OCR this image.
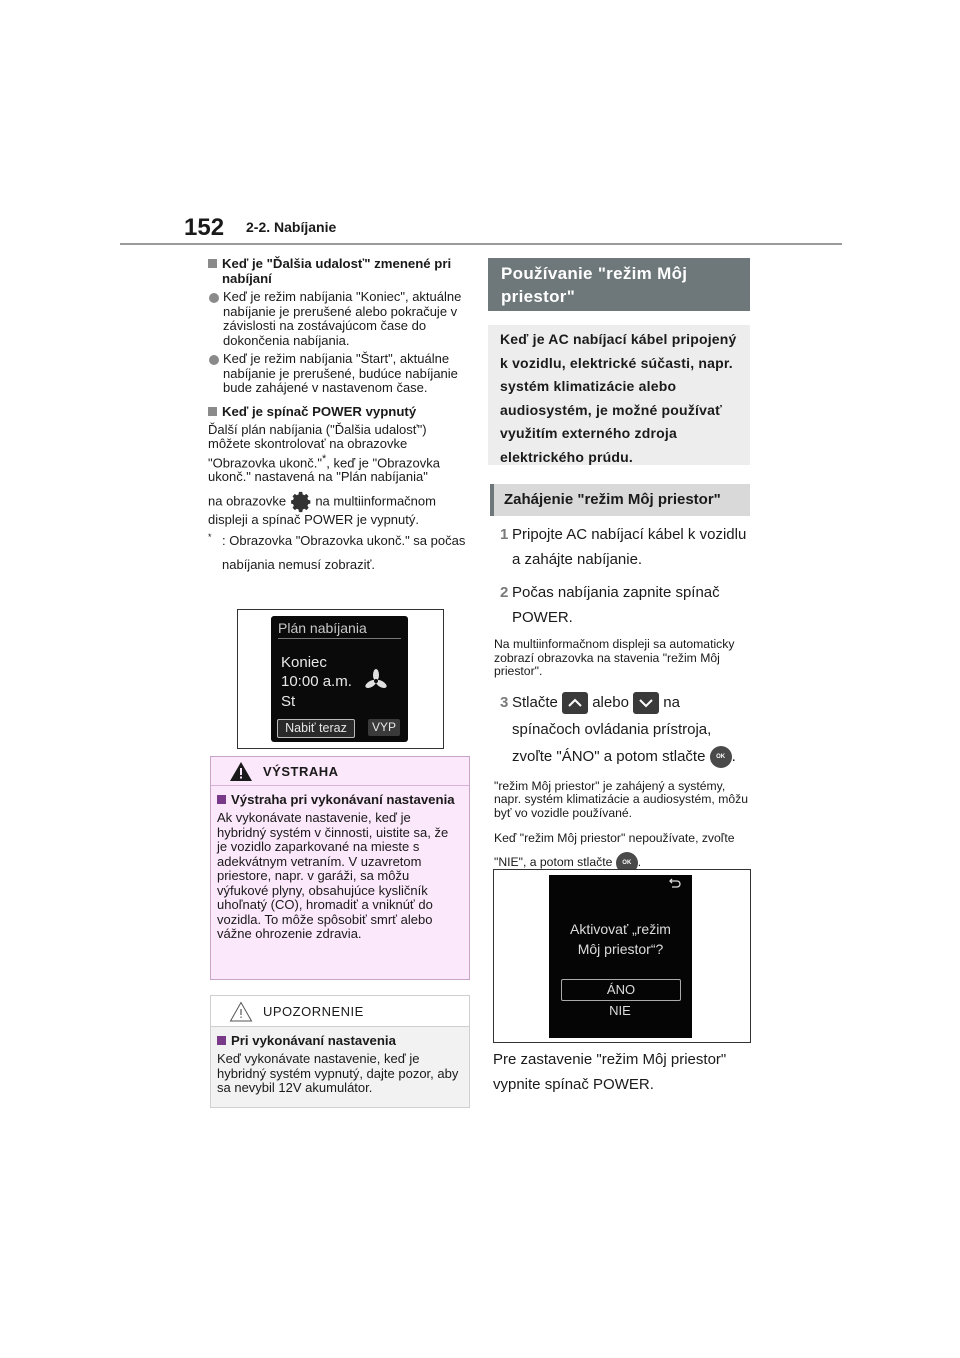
152 2-2. Nabíjanie
Keď je "Ďalšia udalosť" zmenené pri nabíjaní
Keď je režim nabíjania "Koniec", aktuálne nabíjanie je prerušené alebo pokračuje v závislosti na zostávajúcom čase do dokončenia nabíjania.
Keď je režim nabíjania "Štart", aktuálne nabíjanie je prerušené, budúce nabíjanie bude zahájené v nastavenom čase.
Keď je spínač POWER vypnutý
Ďalší plán nabíjania ("Ďalšia udalosť") môžete skontrolovať na obrazovke "Obrazovka ukonč."*, keď je "Obrazovka ukonč." nastavená na "Plán nabíjania"
na obrazovke na multiinformačnom displeji a spínač POWER je vypnutý.
* : Obrazovka "Obrazovka ukonč." sa počas nabíjania nemusí zobraziť.
Plán nabíjania
Koniec
10:00 a.m.
St
Nabiť teraz	VYP
VÝSTRAHA
Výstraha pri vykonávaní nastavenia
Ak vykonávate nastavenie, keď je hybridný systém v činnosti, uistite sa, že je vozidlo zaparkované na mieste s adekvátnym vetraním. V uzavretom priestore, napr. v garáži, sa môžu výfukové plyny, obsahujúce kysličník uhoľnatý (CO), hromadiť a vniknúť do vozidla. To môže spôsobiť smrť alebo vážne ohrozenie zdravia.
UPOZORNENIE
Pri vykonávaní nastavenia
Keď vykonávate nastavenie, keď je hybridný systém vypnutý, dajte pozor, aby sa nevybil 12V akumulátor.
Používanie "režim Môj priestor"
Keď je AC nabíjací kábel pripojený k vozidlu, elektrické súčasti, napr. systém klimatizácie alebo audiosystém, je možné používať využitím externého zdroja elektrického prúdu.
Zahájenie "režim Môj priestor"
1 Pripojte AC nabíjací kábel k vozidlu a zahájte nabíjanie.
2 Počas nabíjania zapnite spínač POWER.
Na multiinformačnom displeji sa automaticky zobrazí obrazovka na stavenia "režim Môj priestor".
3 Stlačte alebo na spínačoch ovládania prístroja, zvoľte "ÁNO" a potom stlačte OK .
"režim Môj priestor" je zahájený a systémy, napr. systém klimatizácie a audiosystém, môžu byť vo vozidle používané.
Keď "režim Môj priestor" nepoužívate, zvoľte "NIE", a potom stlačte OK .
Aktivovať „režim
Môj priestor“?
ÁNO
NIE
Pre zastavenie "režim Môj priestor" vypnite spínač POWER.
